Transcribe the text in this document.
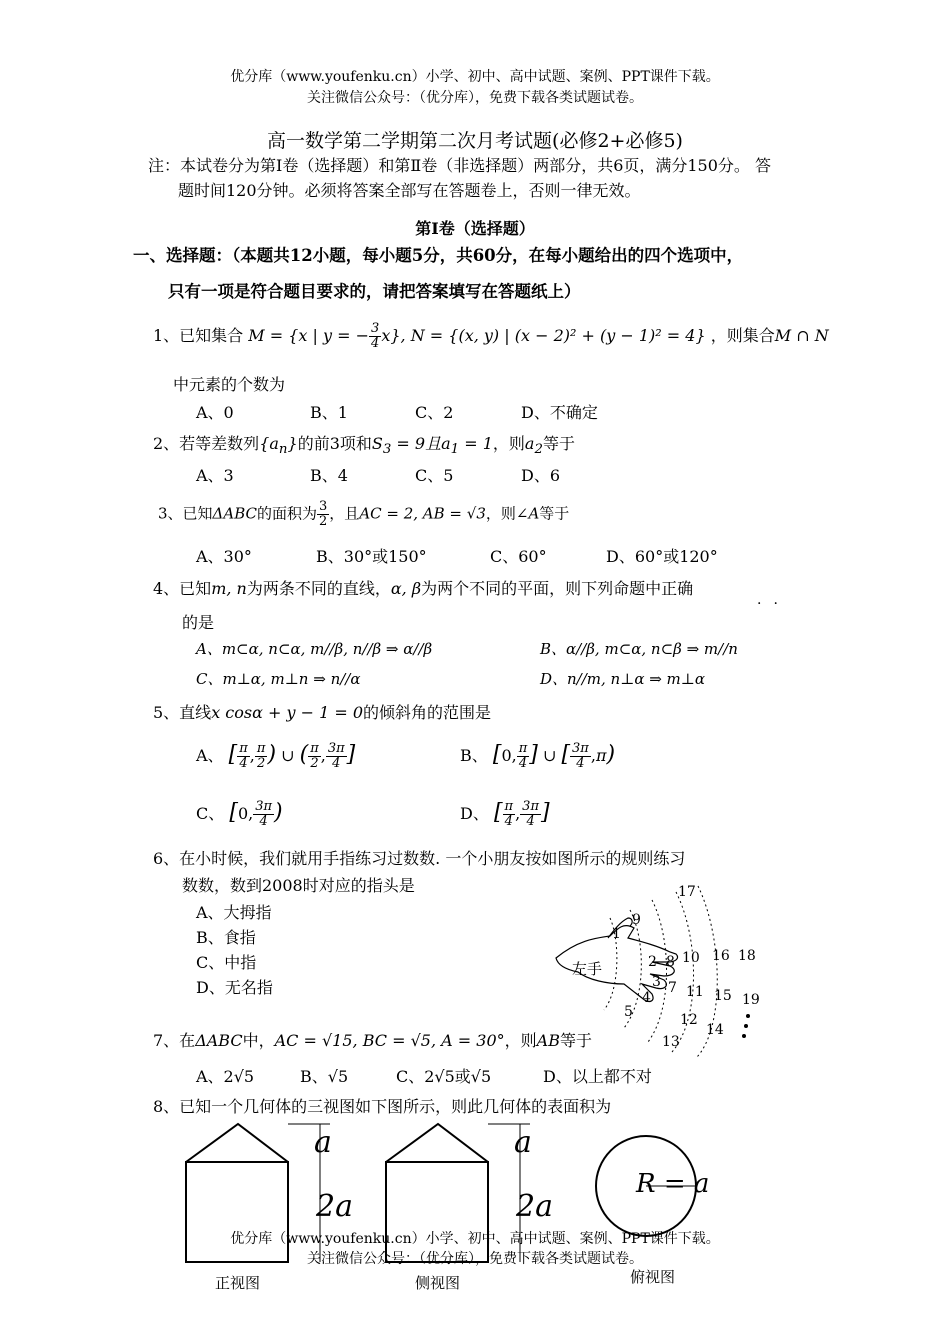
优分库（www.youfenku.cn）小学、初中、高中试题、案例、PPT课件下载。
关注微信公众号：（优分库），免费下载各类试题试卷。
高一数学第二学期第二次月考试题(必修2+必修5)
注：本试卷分为第Ⅰ卷（选择题）和第Ⅱ卷（非选择题）两部分，共6页，满分150分。 答
题时间120分钟。必须将答案全部写在答题卷上，否则一律无效。
第Ⅰ卷（选择题）
一、选择题：（本题共12小题，每小题5分，共60分，在每小题给出的四个选项中，
只有一项是符合题目要求的，请把答案填写在答题纸上）
1、已知集合 M = {x | y = − $\frac{3}{4} x$}, N = {(x, y) | (x − 2)² + (y − 1)² = 4} ，则集合M ∩ N
中元素的个数为
A、0	B、1	C、2	D、不确定
2、若等差数列$\{a_n\}$的前3项和$S_3 = 9$且$a_1 = 1$，则$a_2$等于
A、3	B、4	C、5	D、6
3、已知ΔABC的面积为 $\frac{3}{2}$ ，且AC = 2, AB = √3，则∠A等于
A、30°	B、30°或150°	C、60°	D、60°或120°
4、已知m, n为两条不同的直线，α, β为两个不同的平面，则下列命题中正确
··
的是
A、m⊂α, n⊂α, m//β, n//β ⇒ α//β	B、α//β, m⊂α, n⊂β ⇒ m//n
C、m⊥α, m⊥n ⇒ n//α	D、n//m, n⊥α ⇒ m⊥α
5、直线x cosα + y − 1 = 0的倾斜角的范围是
A、 [ $\frac{\pi}{4}$ , $\frac{\pi}{2}$ ) ∪ ( $\frac{\pi}{2}$ , $\frac{3\pi}{4}$ ]	B、 [0, $\frac{\pi}{4}$ ] ∪ [ $\frac{3\pi}{4} ,\pi$)
C、 [0, $\frac{3\pi}{4}$ )	D、 [ $\frac{\pi}{4}$ , $\frac{3\pi}{4}$ ]
6、在小时候，我们就用手指练习过数数. 一个小朋友按如图所示的规则练习
数数，数到2008时对应的指头是
A、大拇指
B、食指
C、中指
D、无名指
左手
1
2
3
4
5
7
8
9
10
11
12
13
14
15
16
17
18
19
7、在ΔABC中，AC = √15, BC = √5, A = 30°，则AB等于
A、2√5	B、√5	C、2√5或√5	D、以上都不对
8、已知一个几何体的三视图如下图所示，则此几何体的表面积为
a
2a
a
2a
R = a
优分库（www.youfenku.cn）小学、初中、高中试题、案例、PPT课件下载。
关注微信公众号：（优分库），免费下载各类试题试卷。
正视图	侧视图	俯视图
